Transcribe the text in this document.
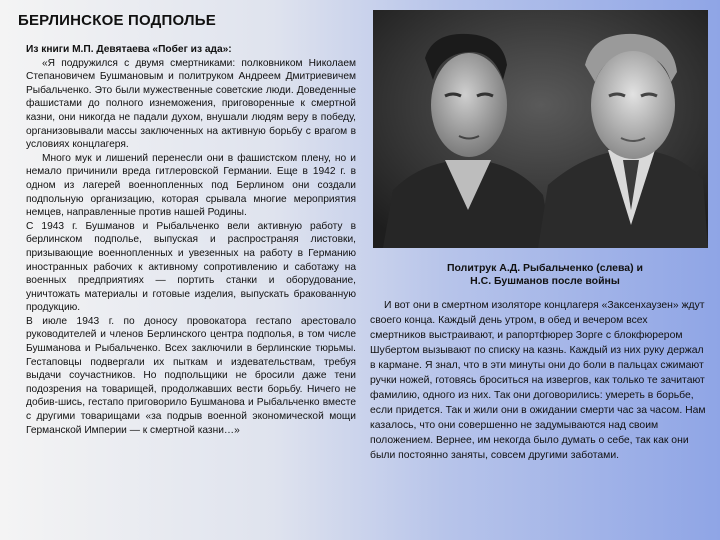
БЕРЛИНСКОЕ ПОДПОЛЬЕ

Из книги М.П. Девятаева «Побег из ада»:

«Я подружился с двумя смертниками: полковником Николаем Степановичем Бушмановым и политруком Андреем Дмитриевичем Рыбальченко. Это были мужественные советские люди. Доведенные фашистами до полного изнеможения, приговоренные к смертной казни, они никогда не падали духом, внушали людям веру в победу, организовывали массы заключенных на активную борьбу с врагом в условиях концлагеря.

Много мук и лишений перенесли они в фашистском плену, но и немало причинили вреда гитлеровской Германии. Еще в 1942 г. в одном из лагерей военнопленных под Берлином они создали подпольную организацию, которая срывала многие мероприятия немцев, направленные против нашей Родины.

С 1943 г. Бушманов и Рыбальченко вели активную работу в берлинском подполье, выпуская и распространяя листовки, призывающие военнопленных и увезенных на работу в Германию иностранных рабочих к активному сопротивлению и саботажу на военных предприятиях — портить станки и оборудование, уничтожать материалы и готовые изделия, выпускать бракованную продукцию.

В июле 1943 г. по доносу провокатора гестапо арестовало руководителей и членов Берлинского центра подполья, в том числе Бушманова и Рыбальченко. Всех заключили в берлинские тюрьмы. Гестаповцы подвергали их пыткам и издевательствам, требуя выдачи соучастников. Но подпольщики не бросили даже тени подозрения на товарищей, продолжавших вести борьбу. Ничего не добив-шись, гестапо приговорило Бушманова и Рыбальченко вместе с другими товарищами «за подрыв военной экономической мощи Германской Империи — к смертной казни…»

Политрук А.Д. Рыбальченко (слева) и
Н.С. Бушманов после войны

И вот они в смертном изоляторе концлагеря «Заксенхаузен» ждут своего конца. Каждый день утром, в обед и вечером всех смертников выстраивают, и рапортфюрер Зорге с блокфюрером Шубертом вызывают по списку на казнь. Каждый из них руку держал в кармане. Я знал, что в эти минуты они до боли в пальцах сжимают ручки ножей, готовясь броситься на извергов, как только те зачитают фамилию, одного из них. Так они договорились: умереть в борьбе, если придется. Так и жили они в ожидании смерти час за часом. Нам казалось, что они совершенно не задумываются над своим положением. Вернее, им некогда было думать о себе, так как они были постоянно заняты, совсем другими заботами.
